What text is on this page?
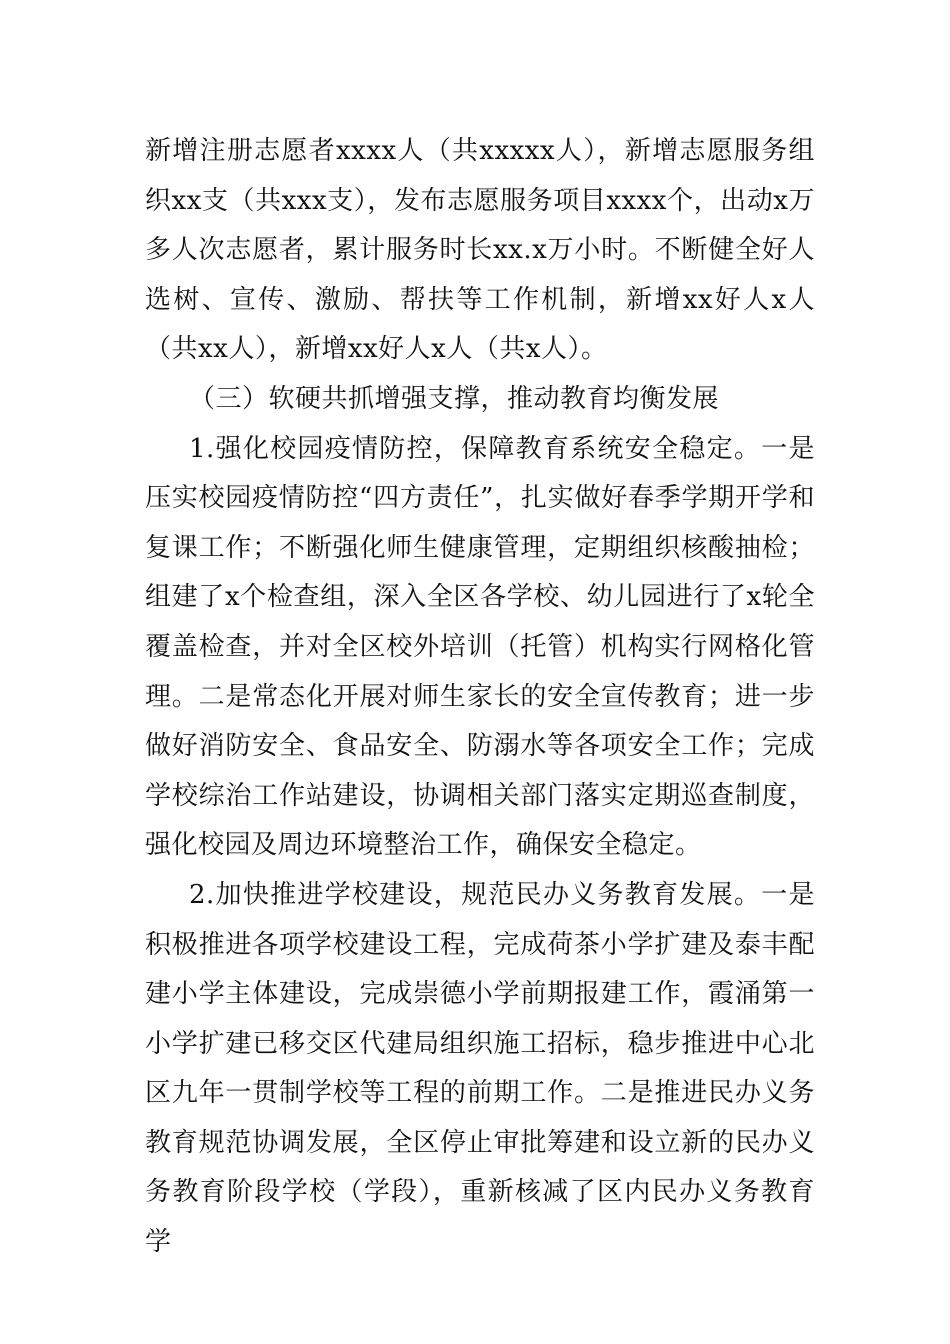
新增注册志愿者xxxx人（共xxxxx人），新增志愿服务组织xx支（共xxx支），发布志愿服务项目xxxx个，出动x万多人次志愿者，累计服务时长xx.x万小时。不断健全好人选树、宣传、激励、帮扶等工作机制，新增xx好人x人（共xx人），新增xx好人x人（共x人）。

（三）软硬共抓增强支撑，推动教育均衡发展

1.强化校园疫情防控，保障教育系统安全稳定。一是压实校园疫情防控“四方责任”，扎实做好春季学期开学和复课工作；不断强化师生健康管理，定期组织核酸抽检；组建了x个检查组，深入全区各学校、幼儿园进行了x轮全覆盖检查，并对全区校外培训（托管）机构实行网格化管理。二是常态化开展对师生家长的安全宣传教育；进一步做好消防安全、食品安全、防溺水等各项安全工作；完成学校综治工作站建设，协调相关部门落实定期巡查制度，强化校园及周边环境整治工作，确保安全稳定。

2.加快推进学校建设，规范民办义务教育发展。一是积极推进各项学校建设工程，完成荷茶小学扩建及泰丰配建小学主体建设，完成崇德小学前期报建工作，霞涌第一小学扩建已移交区代建局组织施工招标，稳步推进中心北区九年一贯制学校等工程的前期工作。二是推进民办义务教育规范协调发展，全区停止审批筹建和设立新的民办义务教育阶段学校（学段），重新核减了区内民办义务教育学
